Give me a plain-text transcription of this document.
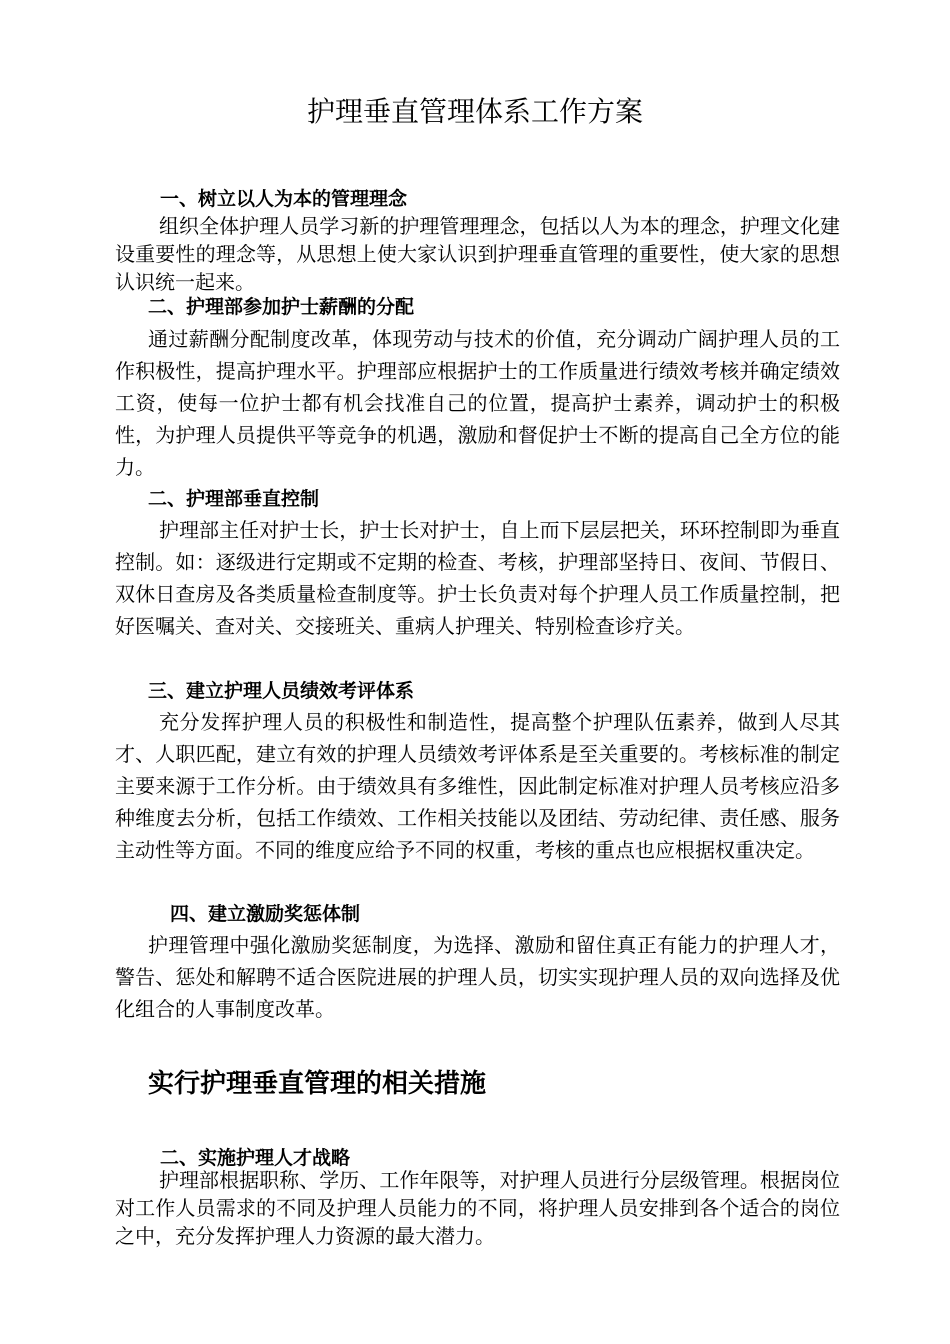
护理垂直管理体系工作方案
一、树立以人为本的管理理念

组织全体护理人员学习新的护理管理理念，包括以人为本的理念，护理文化建设重要性的理念等，从思想上使大家认识到护理垂直管理的重要性，使大家的思想认识统一起来。

二、护理部参加护士薪酬的分配

通过薪酬分配制度改革，体现劳动与技术的价值，充分调动广阔护理人员的工作积极性，提高护理水平。护理部应根据护士的工作质量进行绩效考核并确定绩效工资，使每一位护士都有机会找准自己的位置，提高护士素养，调动护士的积极性，为护理人员提供平等竞争的机遇，激励和督促护士不断的提高自己全方位的能力。

二、护理部垂直控制

护理部主任对护士长，护士长对护士，自上而下层层把关，环环控制即为垂直控制。如：逐级进行定期或不定期的检查、考核，护理部坚持日、夜间、节假日、双休日查房及各类质量检查制度等。护士长负责对每个护理人员工作质量控制，把好医嘱关、查对关、交接班关、重病人护理关、特别检查诊疗关。

三、建立护理人员绩效考评体系

充分发挥护理人员的积极性和制造性，提高整个护理队伍素养，做到人尽其才、人职匹配，建立有效的护理人员绩效考评体系是至关重要的。考核标准的制定主要来源于工作分析。由于绩效具有多维性，因此制定标准对护理人员考核应沿多种维度去分析，包括工作绩效、工作相关技能以及团结、劳动纪律、责任感、服务主动性等方面。不同的维度应给予不同的权重，考核的重点也应根据权重决定。

四、建立激励奖惩体制

护理管理中强化激励奖惩制度，为选择、激励和留住真正有能力的护理人才，警告、惩处和解聘不适合医院进展的护理人员，切实实现护理人员的双向选择及优化组合的人事制度改革。

实行护理垂直管理的相关措施
二、实施护理人才战略

护理部根据职称、学历、工作年限等，对护理人员进行分层级管理。根据岗位对工作人员需求的不同及护理人员能力的不同，将护理人员安排到各个适合的岗位之中，充分发挥护理人力资源的最大潜力。
